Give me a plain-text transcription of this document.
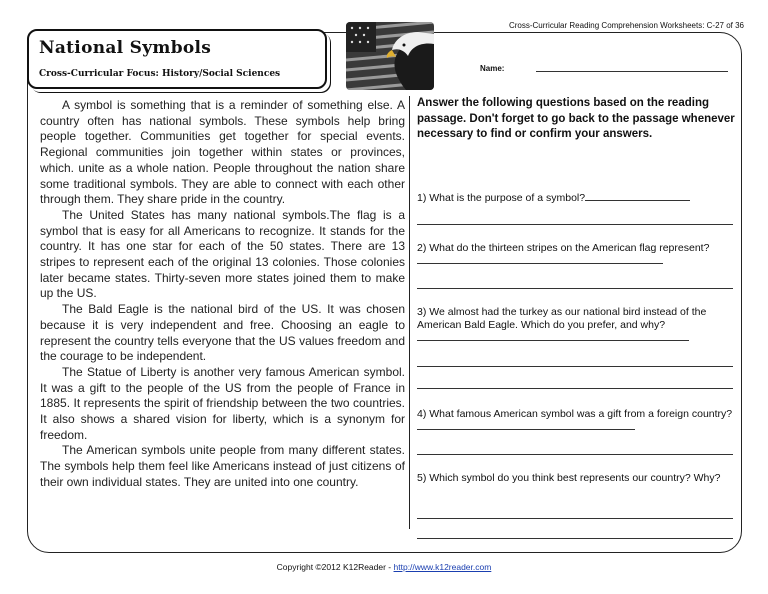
National Symbols
Cross-Curricular Focus: History/Social Sciences
Cross-Curricular Reading Comprehension Worksheets: C-27 of 36
Name:

A symbol is something that is a reminder of something else. A country often has national symbols. These symbols help bring people together. Communities get together for special events. Regional communities join together within states or provinces, which. unite as a whole nation. People throughout the nation share some traditional symbols. They are able to connect with each other through them. They share pride in the country.

The United States has many national symbols.The flag is a symbol that is easy for all Americans to recognize. It stands for the country. It has one star for each of the 50 states. There are 13 stripes to represent each of the original 13 colonies. Those colonies later became states. Thirty-seven more states joined them to make up the US.

The Bald Eagle is the national bird of the US. It was chosen because it is very independent and free. Choosing an eagle to represent the country tells everyone that the US values freedom and the courage to be independent.

The Statue of Liberty is another very famous American symbol. It was a gift to the people of the US from the people of France in 1885. It represents the spirit of friendship between the two countries. It also shows a shared vision for liberty, which is a synonym for freedom.

The American symbols unite people from many different states. The symbols help them feel like Americans instead of just citizens of their own individual states. They are united into one country.

Answer the following questions based on the reading passage. Don't forget to go back to the passage whenever necessary to find or confirm your answers.

1) What is the purpose of a symbol?
2) What do the thirteen stripes on the American flag represent?
3) We almost had the turkey as our national bird instead of the American Bald Eagle. Which do you prefer, and why?
4) What famous American symbol was a gift from a foreign country?
5) Which symbol do you think best represents our country? Why?
Copyright ©2012 K12Reader - http://www.k12reader.com
